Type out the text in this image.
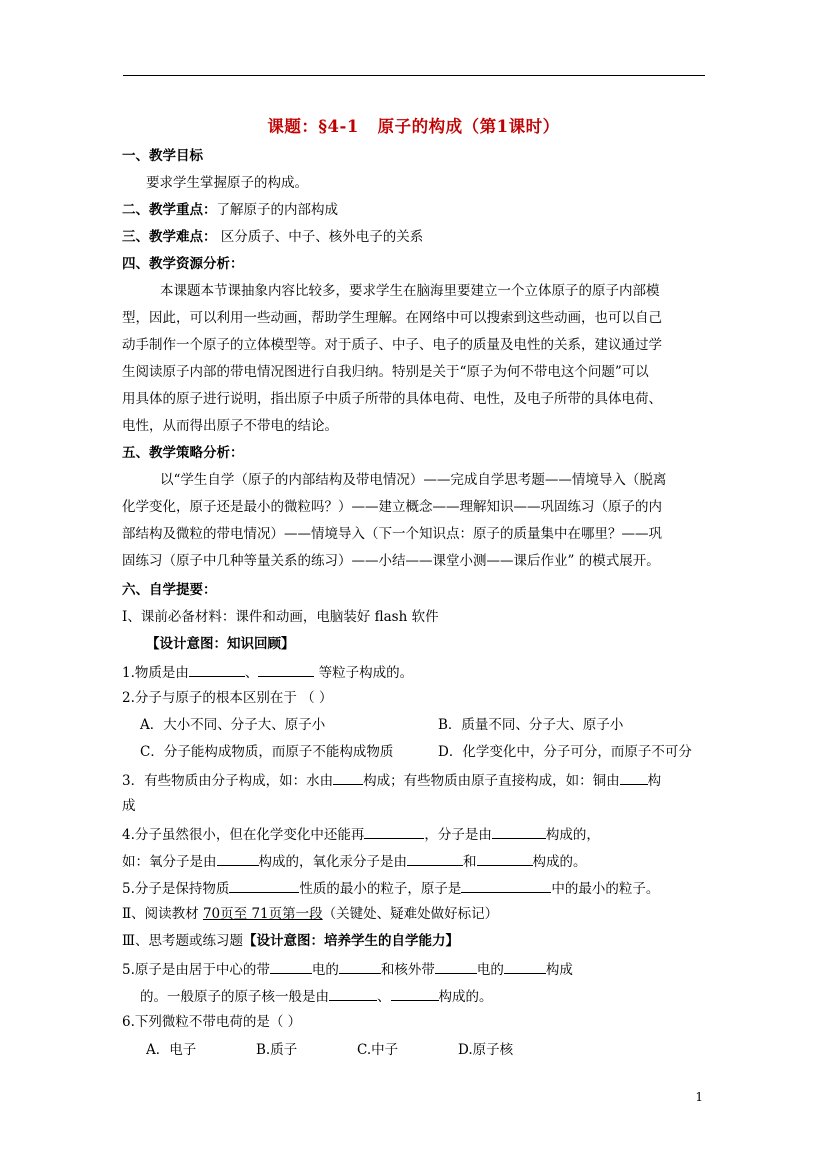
课题：§4-1   原子的构成（第1课时）
一、教学目标
要求学生掌握原子的构成。
二、教学重点：了解原子的内部构成
三、教学难点： 区分质子、中子、核外电子的关系
四、教学资源分析：
本课题本节课抽象内容比较多，要求学生在脑海里要建立一个立体原子的原子内部模
型，因此，可以利用一些动画，帮助学生理解。在网络中可以搜索到这些动画，也可以自己
动手制作一个原子的立体模型等。对于质子、中子、电子的质量及电性的关系，建议通过学
生阅读原子内部的带电情况图进行自我归纳。特别是关于“原子为何不带电这个问题”可以
用具体的原子进行说明，指出原子中质子所带的具体电荷、电性，及电子所带的具体电荷、
电性，从而得出原子不带电的结论。
五、教学策略分析：
以“学生自学（原子的内部结构及带电情况）——完成自学思考题——情境导入（脱离
化学变化，原子还是最小的微粒吗？）——建立概念——理解知识——巩固练习（原子的内
部结构及微粒的带电情况）——情境导入（下一个知识点：原子的质量集中在哪里？——巩
固练习（原子中几种等量关系的练习）——小结——课堂小测——课后作业” 的模式展开。
六、自学提要：
Ⅰ、课前必备材料：课件和动画，电脑装好 flash 软件
【设计意图：知识回顾】
1.物质是由	、	等粒子构成的。
2.分子与原子的根本区别在于 （ ）
A．大小不同、分子大、原子小	B．质量不同、分子大、原子小
C．分子能构成物质，而原子不能构成物质	D．化学变化中，分子可分，而原子不可分
3．有些物质由分子构成，如：水由 构成；有些物质由原子直接构成，如：铜由 构
成
4.分子虽然很小，但在化学变化中还能再	，分子是由	构成的，
如：氧分子是由	构成的，氧化汞分子是由	和	构成的。
5.分子是保持物质	性质的最小的粒子，原子是	中的最小的粒子。
Ⅱ、阅读教材 70页至 71页第一段（关键处、疑难处做好标记）
Ⅲ、思考题或练习题【设计意图：培养学生的自学能力】
5.原子是由居于中心的带	电的	和核外带	电的	构成
的。一般原子的原子核一般是由	、	构成的。
6.下列微粒不带电荷的是（ ）
A．电子	B.质子	C.中子	D.原子核
1
